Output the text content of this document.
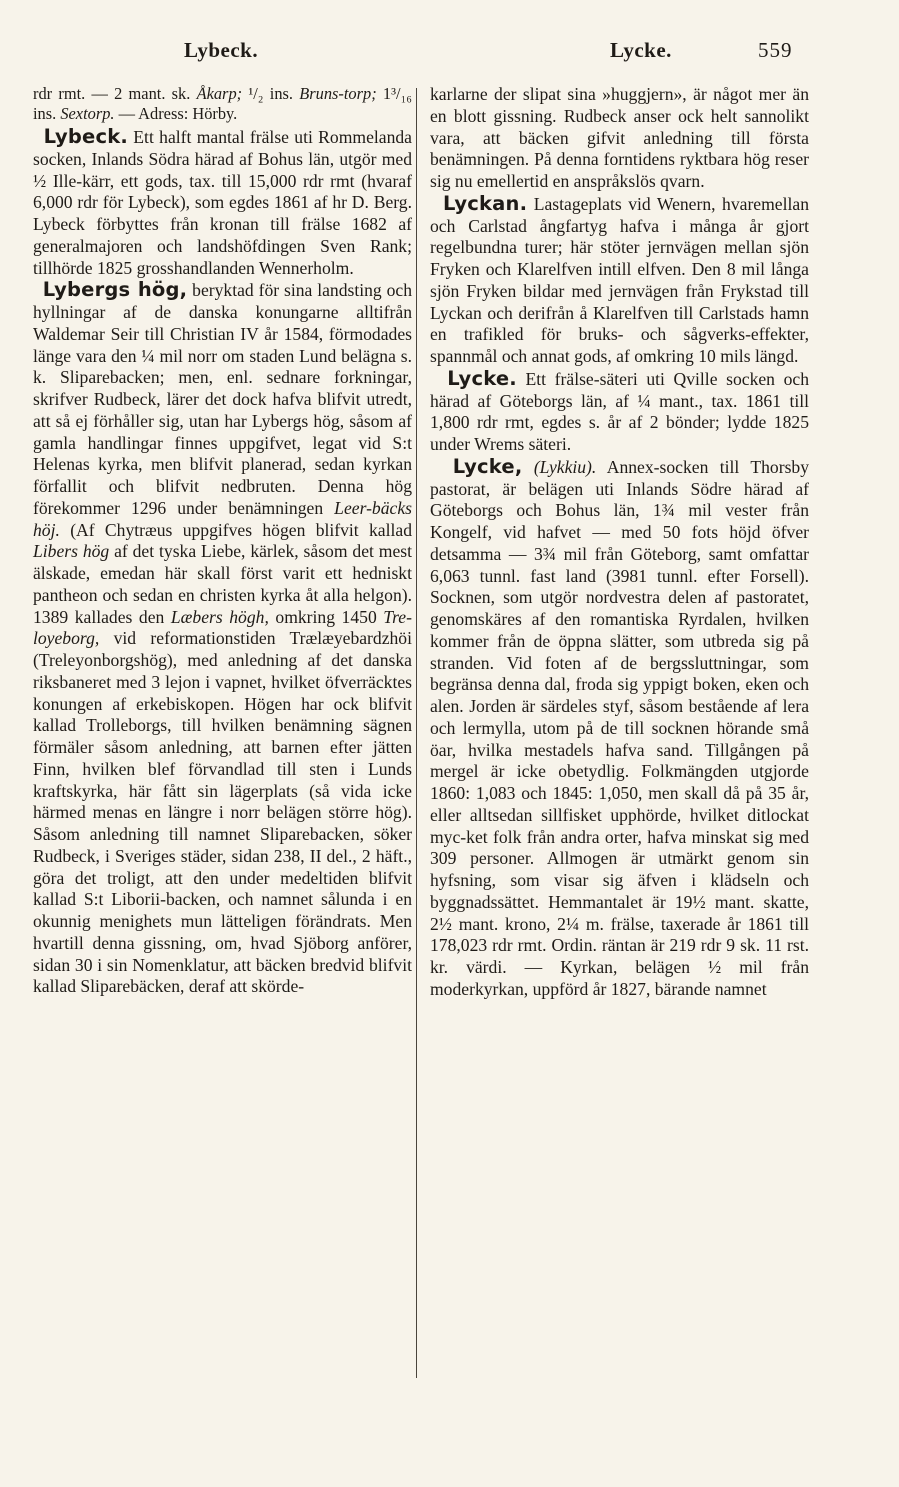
Lybeck.	Lycke.	559

rdr rmt. — 2 mant. sk. Åkarp; ¹/₂ ins. Bruns-torp; 1³/₁₆ ins. Sextorp. — Adress: Hörby.

Lybeck. Ett halft mantal frälse uti Rommelanda socken, Inlands Södra härad af Bohus län, utgör med ½ Ille-kärr, ett gods, tax. till 15,000 rdr rmt (hvaraf 6,000 rdr för Lybeck), som egdes 1861 af hr D. Berg. Lybeck förbyttes från kronan till frälse 1682 af generalmajoren och landshöfdingen Sven Rank; tillhörde 1825 grosshandlanden Wennerholm.

Lybergs hög, beryktad för sina landsting och hyllningar af de danska konungarne alltifrån Waldemar Seir till Christian IV år 1584, förmodades länge vara den ¼ mil norr om staden Lund belägna s. k. Sliparebacken; men, enl. sednare forkningar, skrifver Rudbeck, lärer det dock hafva blifvit utredt, att så ej förhåller sig, utan har Lybergs hög, såsom af gamla handlingar finnes uppgifvet, legat vid S:t Helenas kyrka, men blifvit planerad, sedan kyrkan förfallit och blifvit nedbruten. Denna hög förekommer 1296 under benämningen Leer-bäcks höj. (Af Chytræus uppgifves högen blifvit kallad Libers hög af det tyska Liebe, kärlek, såsom det mest älskade, emedan här skall först varit ett hedniskt pantheon och sedan en christen kyrka åt alla helgon). 1389 kallades den Læbers högh, omkring 1450 Tre-loyeborg, vid reformationstiden Trælæyebardzhöi (Treleyonborgshög), med anledning af det danska riksbaneret med 3 lejon i vapnet, hvilket öfverräcktes konungen af erkebiskopen. Högen har ock blifvit kallad Trolleborgs, till hvilken benämning sägnen förmäler såsom anledning, att barnen efter jätten Finn, hvilken blef förvandlad till sten i Lunds kraftskyrka, här fått sin lägerplats (så vida icke härmed menas en längre i norr belägen större hög). Såsom anledning till namnet Sliparebacken, söker Rudbeck, i Sveriges städer, sidan 238, II del., 2 häft., göra det troligt, att den under medeltiden blifvit kallad S:t Liborii-backen, och namnet sålunda i en okunnig menighets mun lätteligen förändrats. Men hvartill denna gissning, om, hvad Sjöborg anförer, sidan 30 i sin Nomenklatur, att bäcken bredvid blifvit kallad Sliparebäcken, deraf att skörde-

karlarne der slipat sina »huggjern», är något mer än en blott gissning. Rudbeck anser ock helt sannolikt vara, att bäcken gifvit anledning till första benämningen. På denna forntidens ryktbara hög reser sig nu emellertid en anspråkslös qvarn.

Lyckan. Lastageplats vid Wenern, hvaremellan och Carlstad ångfartyg hafva i många år gjort regelbundna turer; här stöter jernvägen mellan sjön Fryken och Klarelfven intill elfven. Den 8 mil långa sjön Fryken bildar med jernvägen från Frykstad till Lyckan och derifrån å Klarelfven till Carlstads hamn en trafikled för bruks- och sågverks-effekter, spannmål och annat gods, af omkring 10 mils längd.

Lycke. Ett frälse-säteri uti Qville socken och härad af Göteborgs län, af ¼ mant., tax. 1861 till 1,800 rdr rmt, egdes s. år af 2 bönder; lydde 1825 under Wrems säteri.

Lycke, (Lykkiu). Annex-socken till Thorsby pastorat, är belägen uti Inlands Södre härad af Göteborgs och Bohus län, 1¾ mil vester från Kongelf, vid hafvet — med 50 fots höjd öfver detsamma — 3¾ mil från Göteborg, samt omfattar 6,063 tunnl. fast land (3981 tunnl. efter Forsell). Socknen, som utgör nordvestra delen af pastoratet, genomskäres af den romantiska Ryrdalen, hvilken kommer från de öppna slätter, som utbreda sig på stranden. Vid foten af de bergssluttningar, som begränsa denna dal, froda sig yppigt boken, eken och alen. Jorden är särdeles styf, såsom bestående af lera och lermylla, utom på de till socknen hörande små öar, hvilka mestadels hafva sand. Tillgången på mergel är icke obetydlig. Folkmängden utgjorde 1860: 1,083 och 1845: 1,050, men skall då på 35 år, eller alltsedan sillfisket upphörde, hvilket ditlockat myc-ket folk från andra orter, hafva minskat sig med 309 personer. Allmogen är utmärkt genom sin hyfsning, som visar sig äfven i klädseln och byggnadssättet. Hemmantalet är 19½ mant. skatte, 2½ mant. krono, 2¼ m. frälse, taxerade år 1861 till 178,023 rdr rmt. Ordin. räntan är 219 rdr 9 sk. 11 rst. kr. värdi. — Kyrkan, belägen ½ mil från moderkyrkan, uppförd år 1827, bärande namnet
